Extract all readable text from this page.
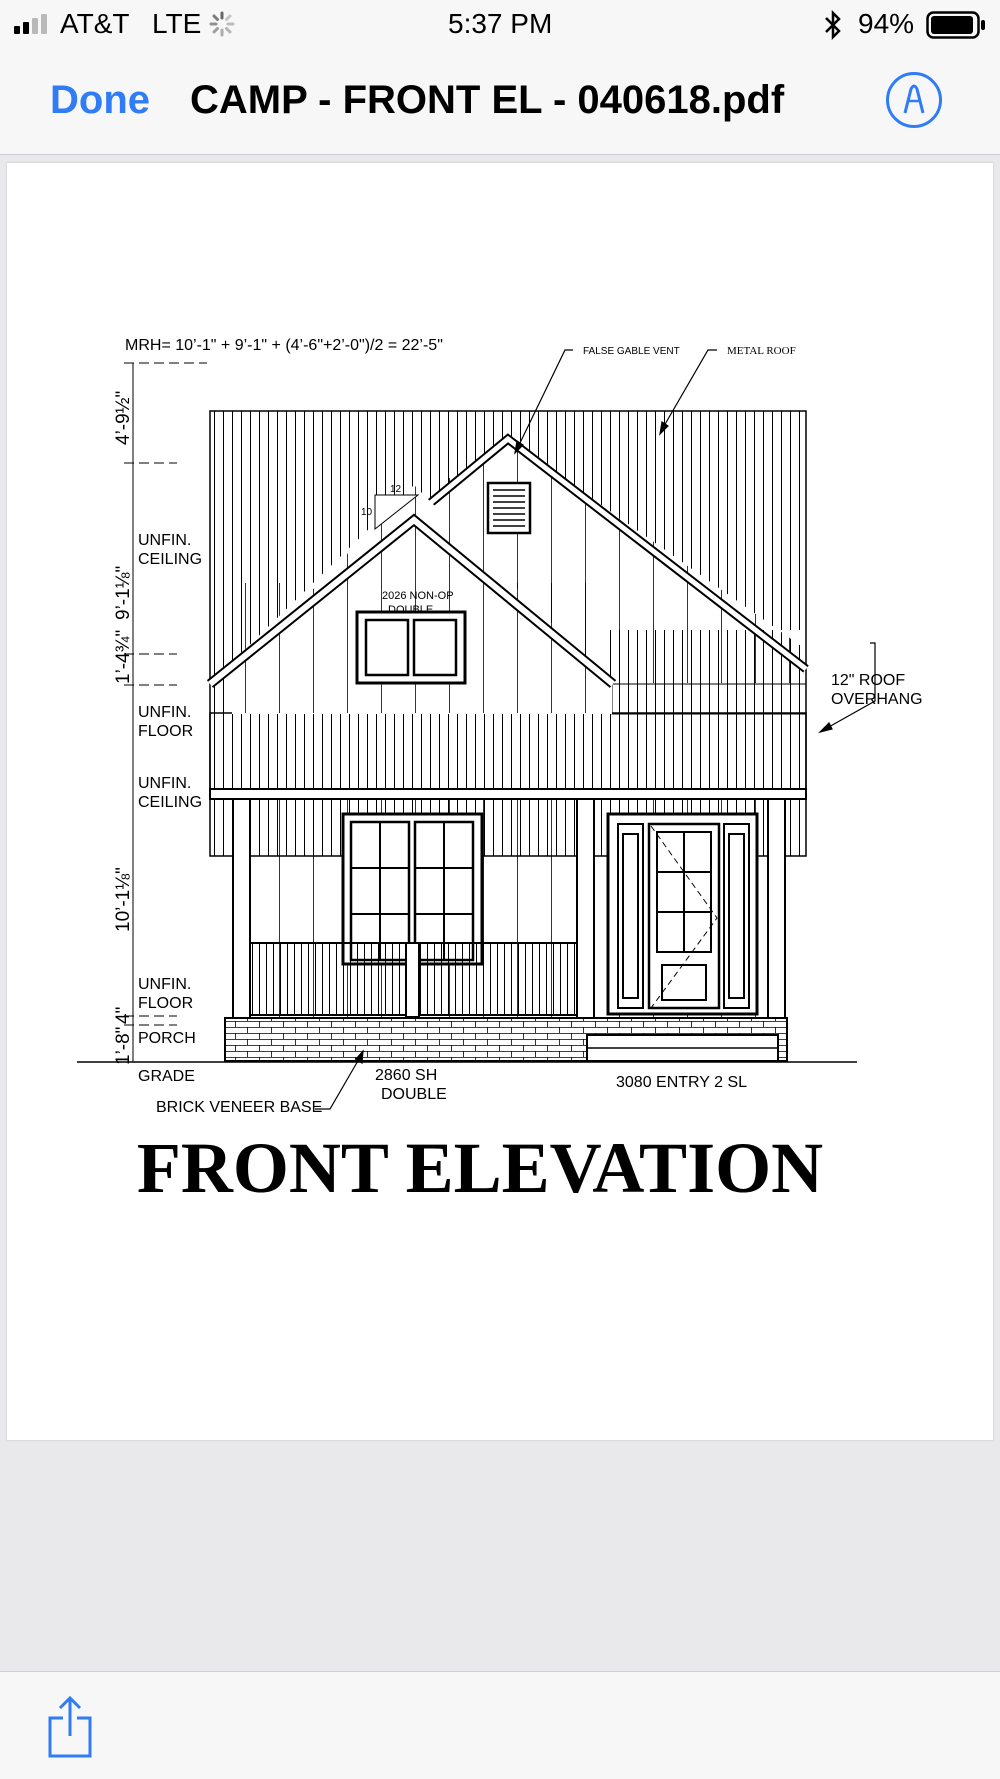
AT&T LTE	5:37 PM	94%
Done CAMP - FRONT EL - 040618.pdf
MRH= 10’-1" + 9’-1" + (4’-6"+2’-0")/2 = 22’-5"	FALSE GABLE VENT	METAL ROOF
12" ROOF
OVERHANG
2026 NON-OP
DOUBLE
12
10
4’-9½"
9’-1⅛"
1’-4¾"
10’-1⅛"
1’-8"
4"
UNFIN.
CEILING
UNFIN.
FLOOR
UNFIN.
CEILING
UNFIN.
FLOOR
PORCH
GRADE
BRICK VENEER BASE
2860 SH
DOUBLE
3080 ENTRY 2 SL
FRONT ELEVATION
